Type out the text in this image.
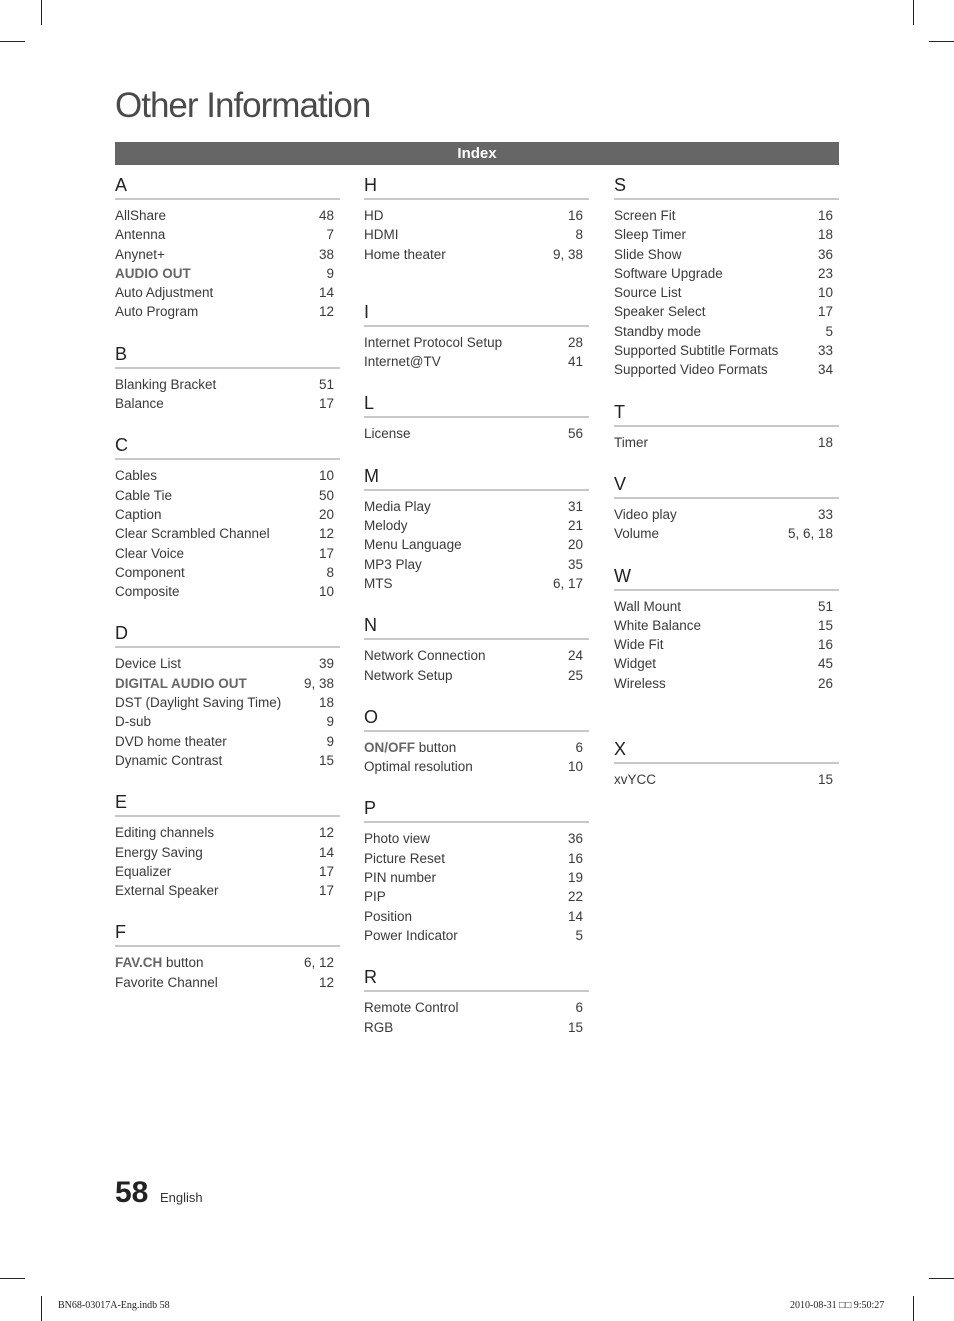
Other Information
Index
A
AllShare	48
Antenna	7
Anynet+	38
AUDIO OUT	9
Auto Adjustment	14
Auto Program	12
B
Blanking Bracket	51
Balance	17
C
Cables	10
Cable Tie	50
Caption	20
Clear Scrambled Channel	12
Clear Voice	17
Component	8
Composite	10
D
Device List	39
DIGITAL AUDIO OUT	9, 38
DST (Daylight Saving Time)	18
D-sub	9
DVD home theater	9
Dynamic Contrast	15
E
Editing channels	12
Energy Saving	14
Equalizer	17
External Speaker	17
F
FAV.CH button	6, 12
Favorite Channel	12
H
HD	16
HDMI	8
Home theater	9, 38
I
Internet Protocol Setup	28
Internet@TV	41
L
License	56
M
Media Play	31
Melody	21
Menu Language	20
MP3 Play	35
MTS	6, 17
N
Network Connection	24
Network Setup	25
O
ON/OFF button	6
Optimal resolution	10
P
Photo view	36
Picture Reset	16
PIN number	19
PIP	22
Position	14
Power Indicator	5
R
Remote Control	6
RGB	15
S
Screen Fit	16
Sleep Timer	18
Slide Show	36
Software Upgrade	23
Source List	10
Speaker Select	17
Standby mode	5
Supported Subtitle Formats	33
Supported Video Formats	34
T
Timer	18
V
Video play	33
Volume	5, 6, 18
W
Wall Mount	51
White Balance	15
Wide Fit	16
Widget	45
Wireless	26
X
xvYCC	15
58 English
BN68-03017A-Eng.indb 58	2010-08-31 □□ 9:50:27
